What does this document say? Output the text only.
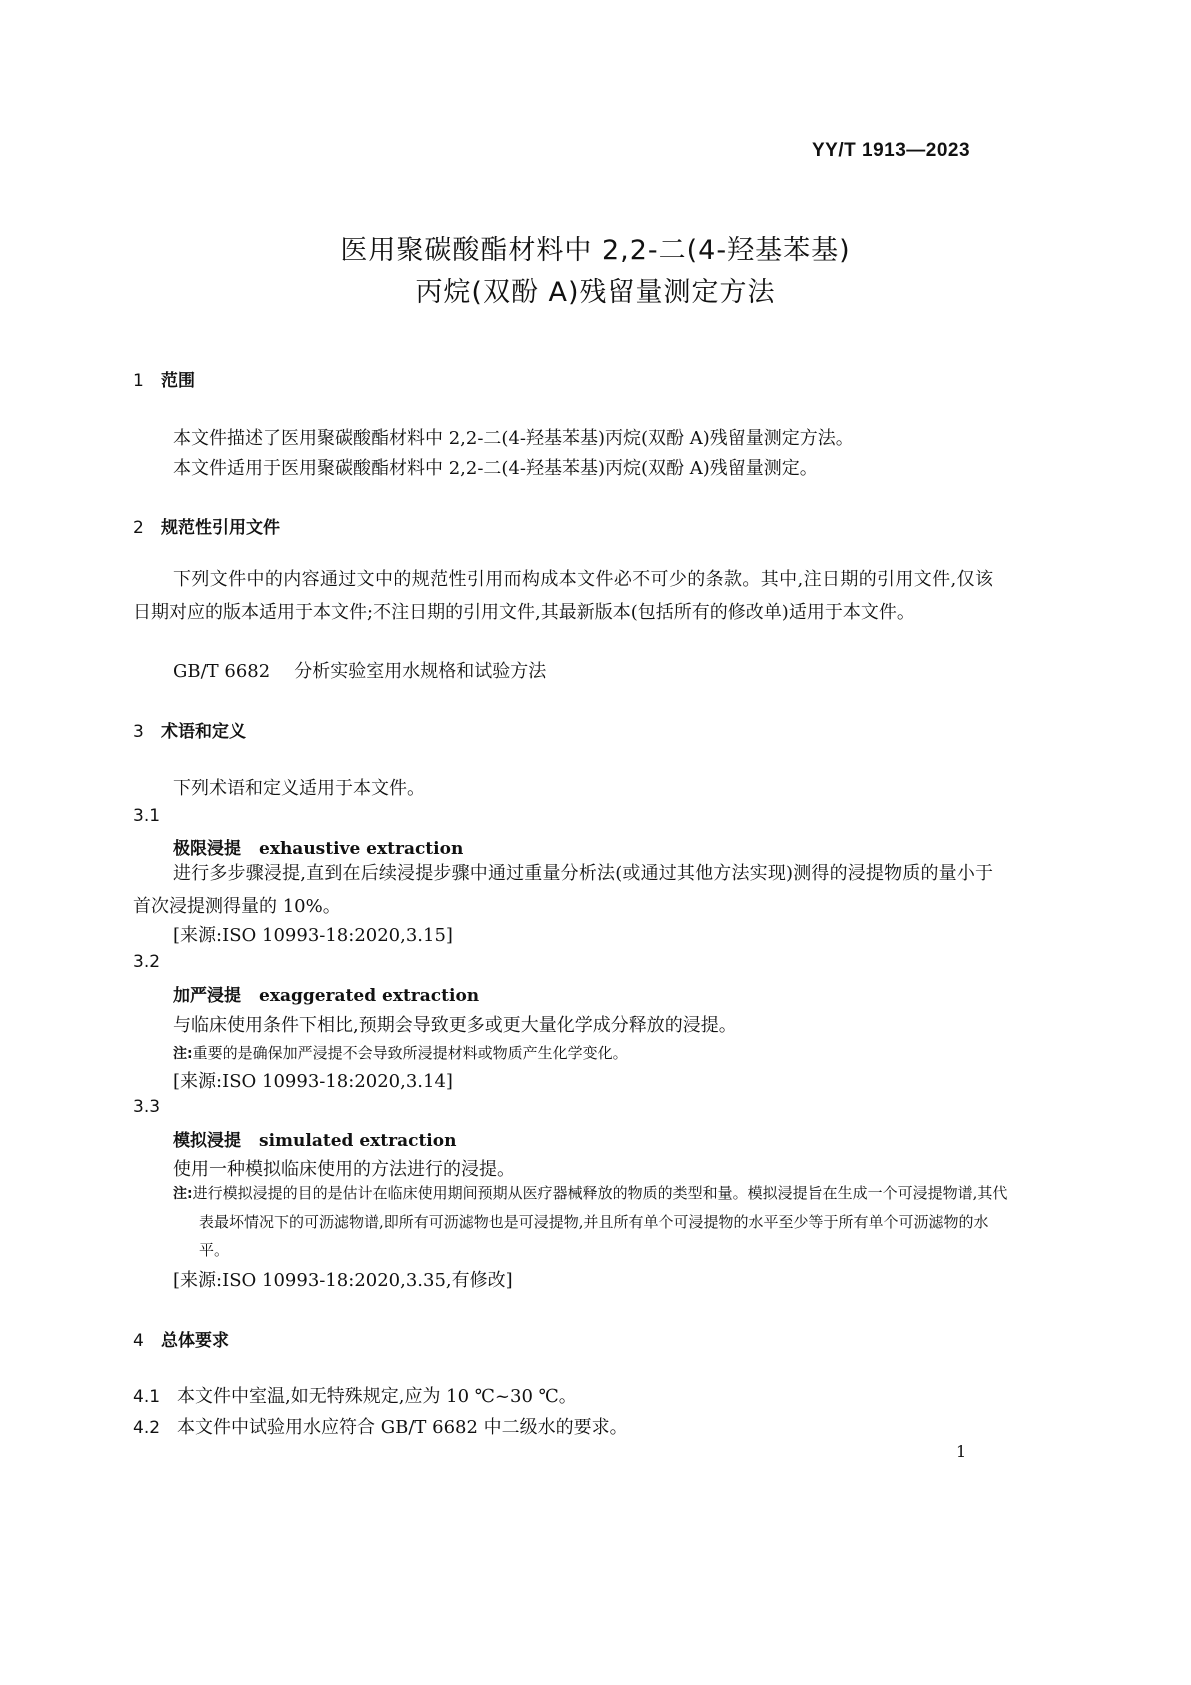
YY/T 1913—2023
医用聚碳酸酯材料中 2,2-二(4-羟基苯基)
丙烷(双酚 A)残留量测定方法
1 范围
本文件描述了医用聚碳酸酯材料中 2,2-二(4-羟基苯基)丙烷(双酚 A)残留量测定方法。
本文件适用于医用聚碳酸酯材料中 2,2-二(4-羟基苯基)丙烷(双酚 A)残留量测定。
2 规范性引用文件
下列文件中的内容通过文中的规范性引用而构成本文件必不可少的条款。其中,注日期的引用文件,仅该日期对应的版本适用于本文件;不注日期的引用文件,其最新版本(包括所有的修改单)适用于本文件。
GB/T 6682 分析实验室用水规格和试验方法
3 术语和定义
下列术语和定义适用于本文件。
3.1
极限浸提 exhaustive extraction
进行多步骤浸提,直到在后续浸提步骤中通过重量分析法(或通过其他方法实现)测得的浸提物质的量小于首次浸提测得量的 10%。
[来源:ISO 10993-18:2020,3.15]
3.2
加严浸提 exaggerated extraction
与临床使用条件下相比,预期会导致更多或更大量化学成分释放的浸提。
注:重要的是确保加严浸提不会导致所浸提材料或物质产生化学变化。
[来源:ISO 10993-18:2020,3.14]
3.3
模拟浸提 simulated extraction
使用一种模拟临床使用的方法进行的浸提。
注:进行模拟浸提的目的是估计在临床使用期间预期从医疗器械释放的物质的类型和量。模拟浸提旨在生成一个可浸提物谱,其代表最坏情况下的可沥滤物谱,即所有可沥滤物也是可浸提物,并且所有单个可浸提物的水平至少等于所有单个可沥滤物的水平。
[来源:ISO 10993-18:2020,3.35,有修改]
4 总体要求
4.1 本文件中室温,如无特殊规定,应为 10 ℃~30 ℃。
4.2 本文件中试验用水应符合 GB/T 6682 中二级水的要求。
1
